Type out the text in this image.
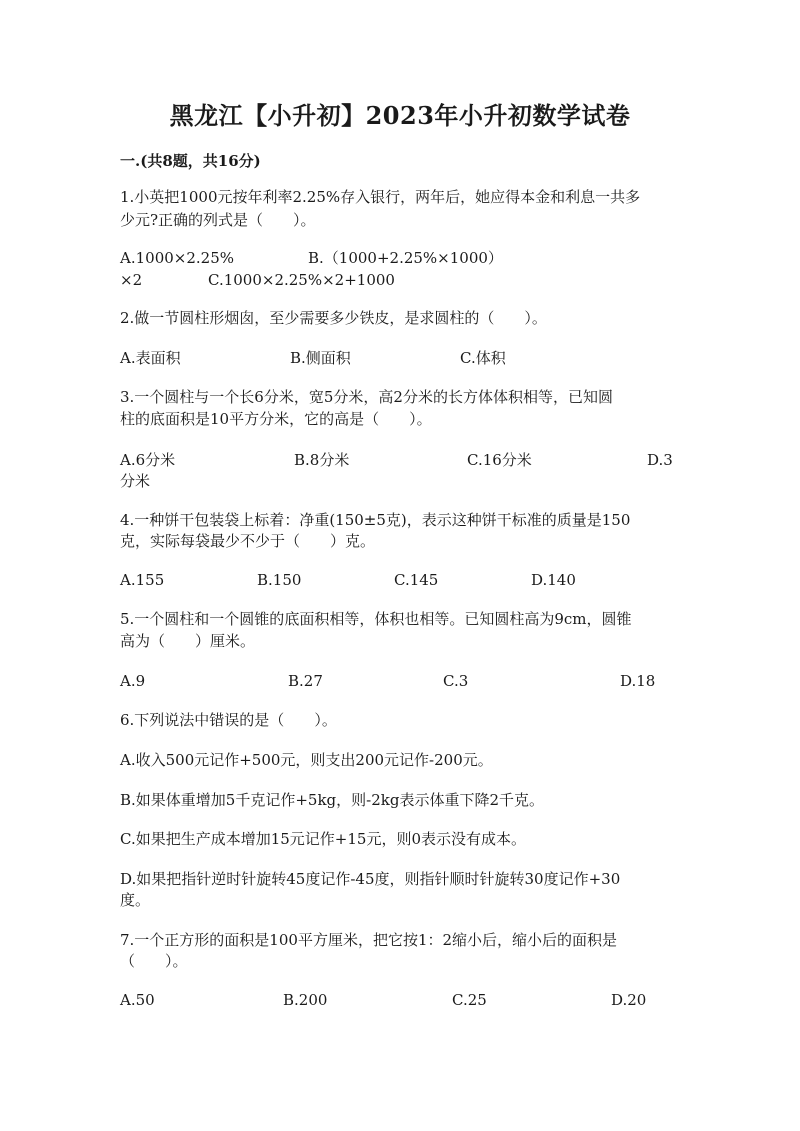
黑龙江【小升初】2023年小升初数学试卷
一.(共8题，共16分)
1.小英把1000元按年利率2.25%存入银行，两年后，她应得本金和利息一共多
少元?正确的列式是（　　）。
A.1000×2.25%	B.（1000+2.25%×1000）
×2	C.1000×2.25%×2+1000
2.做一节圆柱形烟囱，至少需要多少铁皮，是求圆柱的（　　）。
A.表面积	B.侧面积	C.体积
3.一个圆柱与一个长6分米，宽5分米，高2分米的长方体体积相等，已知圆
柱的底面积是10平方分米，它的高是（　　）。
A.6分米	B.8分米	C.16分米	D.3
分米
4.一种饼干包装袋上标着：净重(150±5克)，表示这种饼干标准的质量是150
克，实际每袋最少不少于（　　）克。
A.155	B.150	C.145	D.140
5.一个圆柱和一个圆锥的底面积相等，体积也相等。已知圆柱高为9cm，圆锥
高为（　　）厘米。
A.9	B.27	C.3	D.18
6.下列说法中错误的是（　　）。
A.收入500元记作+500元，则支出200元记作-200元。
B.如果体重增加5千克记作+5kg，则-2kg表示体重下降2千克。
C.如果把生产成本增加15元记作+15元，则0表示没有成本。
D.如果把指针逆时针旋转45度记作-45度，则指针顺时针旋转30度记作+30
度。
7.一个正方形的面积是100平方厘米，把它按1：2缩小后，缩小后的面积是
（　　）。
A.50	B.200	C.25	D.20
